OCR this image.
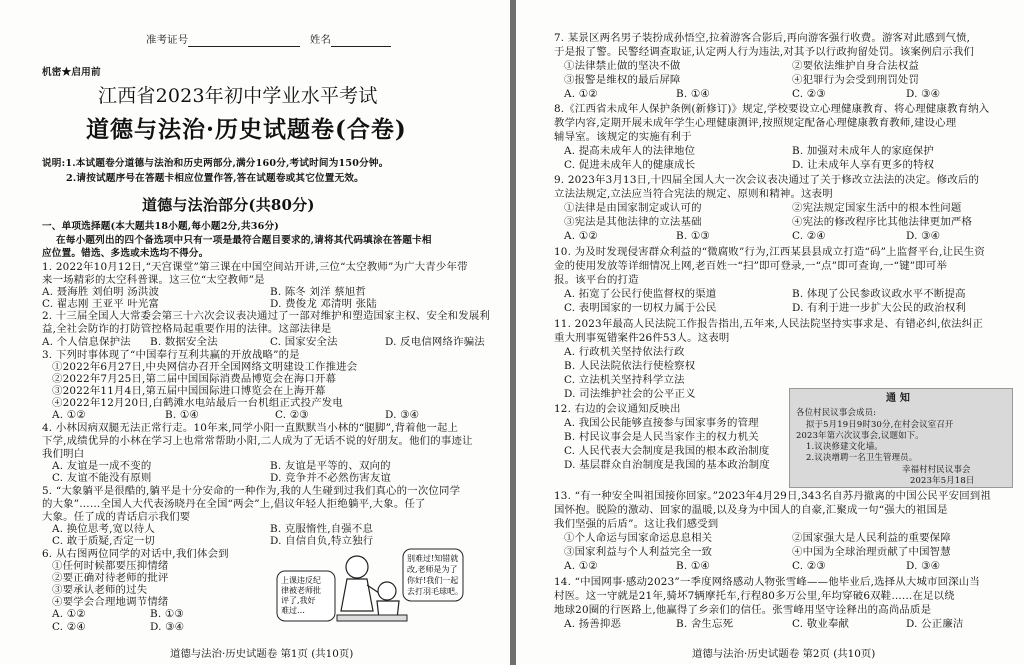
准考证号	姓名
机密★启用前
江西省2023年初中学业水平考试
道德与法治·历史试题卷(合卷)
说明:1.本试题卷分道德与法治和历史两部分,满分160分,考试时间为150分钟。
2.请按试题序号在答题卡相应位置作答,答在试题卷或其它位置无效。
道德与法治部分(共80分)
一、单项选择题(本大题共18小题,每小题2分,共36分)
在每小题列出的四个备选项中只有一项是最符合题目要求的,请将其代码填涂在答题卡相
应位置。错选、多选或未选均不得分。
1. 2022年10月12日,“天宫课堂”第三课在中国空间站开讲,三位“太空教师”为广大青少年带
来一场精彩的太空科普课。这三位“太空教师”是
A. 聂海胜 刘伯明 汤洪波	B. 陈冬 刘洋 蔡旭哲
C. 翟志刚 王亚平 叶光富	D. 费俊龙 邓清明 张陆
2. 十三届全国人大常委会第三十六次会议表决通过了一部对维护和塑造国家主权、安全和发展利益,全社会防诈的打防管控格局起重要作用的法律。这部法律是
A. 个人信息保护法 B. 数据安全法	C. 国家安全法	D. 反电信网络诈骗法
3. 下列时事体现了“中国奉行互利共赢的开放战略”的是
①2022年6月27日,中央网信办召开全国网络文明建设工作推进会
②2022年7月25日,第二届中国国际消费品博览会在海口开幕
③2022年11月4日,第五届中国国际进口博览会在上海开幕
④2022年12月20日,白鹤滩水电站最后一台机组正式投产发电
A. ①②	B. ①④	C. ②③	D. ③④
4. 小林因病双腿无法正常行走。10年来,同学小阳一直默默当小林的“腿脚”,背着他一起上
下学,成绩优异的小林在学习上也常常帮助小阳,二人成为了无话不说的好朋友。他们的事迹让
我们明白
A. 友谊是一成不变的	B. 友谊是平等的、双向的
C. 友谊不能没有原则	D. 竞争并不必然伤害友谊
5. “大象躺平是很酷的,躺平是十分安命的一种作为,我的人生碰到过我们真心的一次位同学
的大象”……全国人大代表汤晓丹在全国“两会”上,倡议年轻人拒绝躺平,大象。任了
大象。任了成的青话启示我们要
A. 换位思考,宽以待人	B. 克服惰性,自强不息
C. 敢于质疑,否定一切	D. 自信自负,特立独行
6. 从右图两位同学的对话中,我们体会到
①任何时候都要压抑情绪
②要正确对待老师的批评
③要承认老师的过失
④要学会合理地调节情绪
A. ①②	B. ①③
C. ②④	D. ③④
上课违反纪
律被老师批
评了,我好
难过…
别难过!知错就
改,老师是为了
你好!我们一起
去打羽毛球吧。
道德与法治·历史试题卷 第1页 (共10页)
7. 某景区两名男子装扮成孙悟空,拉着游客合影后,再向游客强行收费。游客对此感到气愤,
于是报了警。民警经调查取证,认定两人行为违法,对其予以行政拘留处罚。该案例启示我们
①法律禁止做的坚决不做	②要依法维护自身合法权益
③报警是维权的最后屏障	④犯罪行为会受到刑罚处罚
A. ①②	B. ①④	C. ②③	D. ③④
8.《江西省未成年人保护条例(新修订)》规定,学校要设立心理健康教育、将心理健康教育纳入
教学内容,定期开展未成年学生心理健康测评,按照规定配备心理健康教育教师,建设心理
辅导室。该规定的实施有利于
A. 提高未成年人的法律地位	B. 加强对未成年人的家庭保护
C. 促进未成年人的健康成长	D. 让未成年人享有更多的特权
9. 2023年3月13日,十四届全国人大一次会议表决通过了关于修改立法法的决定。修改后的
立法法规定,立法应当符合宪法的规定、原则和精神。这表明
①法律是由国家制定或认可的	②宪法规定国家生活中的根本性问题
③宪法是其他法律的立法基础	④宪法的修改程序比其他法律更加严格
A. ①②	B. ①③	C. ②④	D. ③④
10. 为及时发现侵害群众利益的“微腐败”行为,江西某县县成立打造“码”上监督平台,让民生资
金的使用发放等详细情况上网,老百姓一“扫”即可登录,一“点”即可查询,一“键”即可举
报。该平台的打造
A. 拓宽了公民行使监督权的渠道	B. 体现了公民参政议政水平不断提高
C. 表明国家的一切权力属于公民	D. 有利于进一步扩大公民的政治权利
11. 2023年最高人民法院工作报告指出,五年来,人民法院坚持实事求是、有错必纠,依法纠正
重大刑事冤错案件26件53人。这表明
A. 行政机关坚持依法行政
B. 人民法院依法行使检察权
C. 立法机关坚持科学立法
D. 司法维护社会的公平正义
12. 右边的会议通知反映出
A. 我国公民能够直接参与国家事务的管理
B. 村民议事会是人民当家作主的权力机关
C. 人民代表大会制度是我国的根本政治制度
D. 基层群众自治制度是我国的基本政治制度
通 知
各位村民议事会成员:
拟于5月19日9时30分,在村会议室召开
2023年第六次议事会,议题如下。
1.议决修建文化墙。
2.议决增聘一名卫生管理员。
幸福村村民议事会
2023年5月18日
13. “有一种安全叫祖国接你回家。”2023年4月29日,343名自苏丹撤离的中国公民平安回到祖
国怀抱。脱险的激动、回家的温暖,以及身为中国人的自豪,汇聚成一句“强大的祖国是
我们坚强的后盾”。这让我们感受到
①个人命运与国家命运息息相关	②国家强大是人民利益的重要保障
③国家利益与个人利益完全一致	④中国为全球治理贡献了中国智慧
A. ①②	B. ①④	C. ②③	D. ③④
14. “中国网事·感动2023”一季度网络感动人物张雪峰——他毕业后,选择从大城市回深山当
村医。这一守就是21年,骑坏7辆摩托车,行程80多万公里,年均穿破6双鞋……在足以绕
地球20圈的行医路上,他赢得了乡亲们的信任。张雪峰用坚守诠释出的高尚品质是
A. 扬善抑恶	B. 舍生忘死	C. 敬业奉献	D. 公正廉洁
道德与法治·历史试题卷 第2页 (共10页)
